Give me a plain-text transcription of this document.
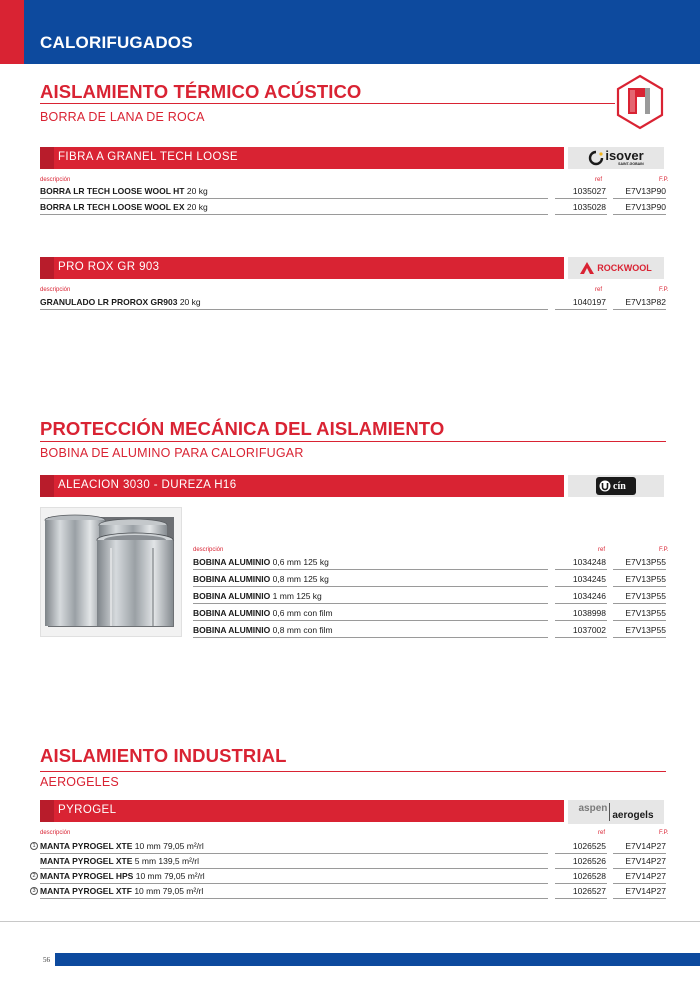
CALORIFUGADOS
AISLAMIENTO TÉRMICO ACÚSTICO
BORRA DE LANA DE ROCA
FIBRA A GRANEL TECH LOOSE	isover
SAINT-GOBAIN
descripción	ref	F.P.
BORRA LR TECH LOOSE WOOL HT 20 kg	1035027 E7V13P90
BORRA LR TECH LOOSE WOOL EX 20 kg	1035028 E7V13P90
PRO ROX GR 903	ROCKWOOL
descripción	ref	F.P.
GRANULADO LR PROROX GR903 20 kg	1040197 E7V13P82
PROTECCIÓN MECÁNICA DEL AISLAMIENTO
BOBINA DE ALUMINO PARA CALORIFUGAR
ALEACION 3030 - DUREZA H16	cín
descripción	ref	F.P.
BOBINA ALUMINIO 0,6 mm 125 kg	1034248 E7V13P55
BOBINA ALUMINIO 0,8 mm 125 kg	1034245 E7V13P55
BOBINA ALUMINIO 1 mm 125 kg	1034246 E7V13P55
BOBINA ALUMINIO 0,6 mm con film	1038998 E7V13P55
BOBINA ALUMINIO 0,8 mm con film	1037002 E7V13P55
AISLAMIENTO INDUSTRIAL
AEROGELES
PYROGEL	aspen
aerogels
descripción	ref	F.P.
1 MANTA PYROGEL XTE 10 mm 79,05 m²/rl	1026525 E7V14P27
MANTA PYROGEL XTE 5 mm 139,5 m²/rl	1026526 E7V14P27
2 MANTA PYROGEL HPS 10 mm 79,05 m²/rl	1026528 E7V14P27
3 MANTA PYROGEL XTF 10 mm 79,05 m²/rl	1026527 E7V14P27
56
